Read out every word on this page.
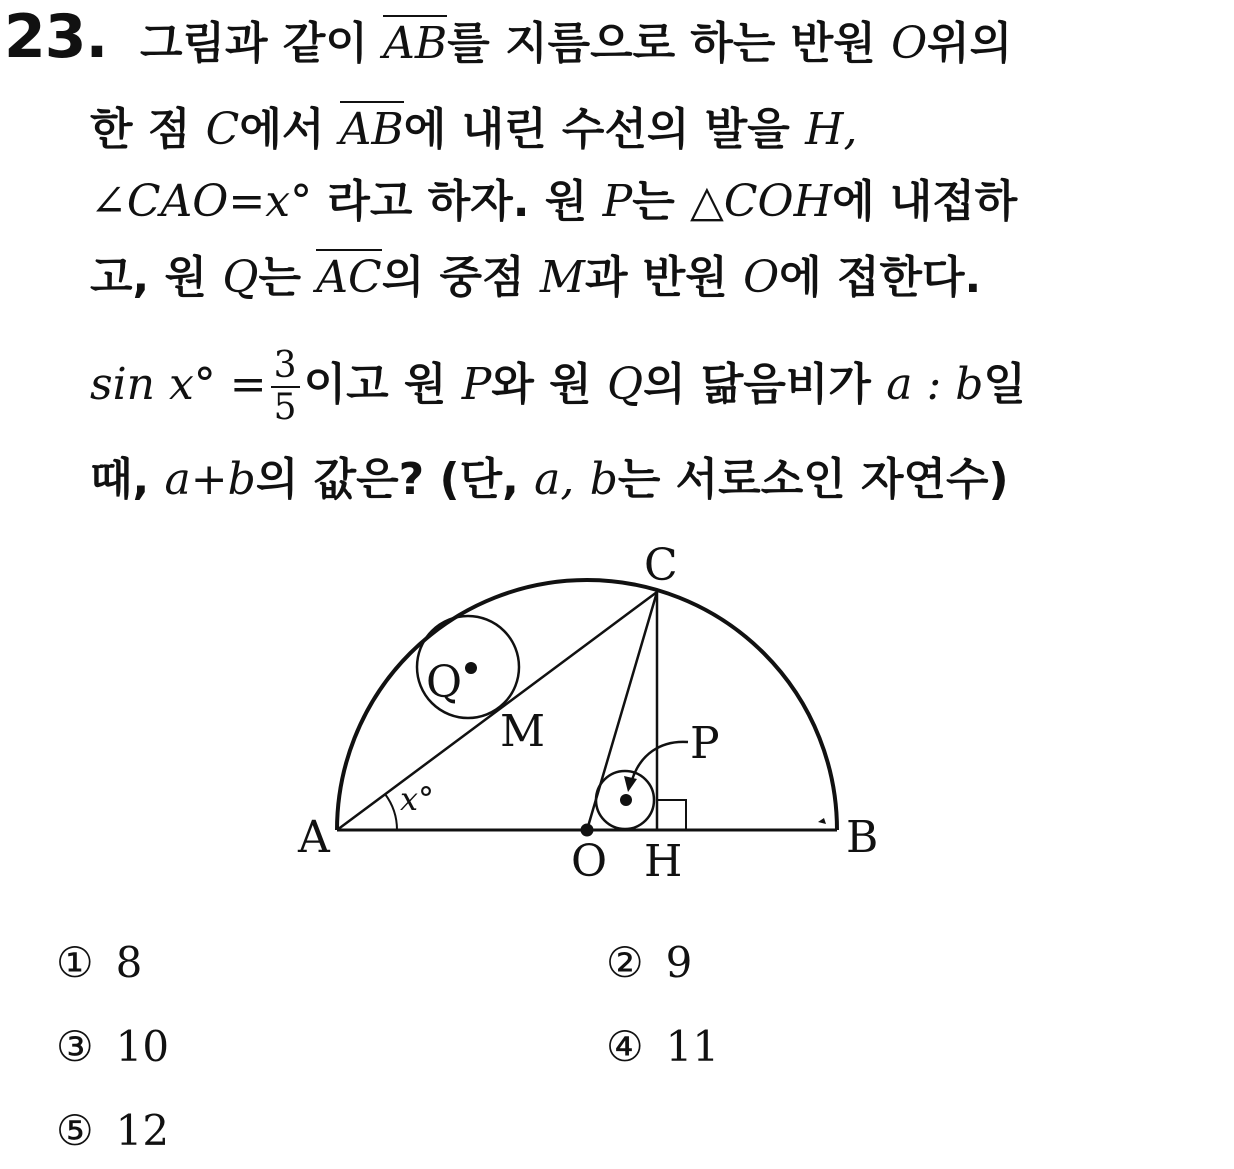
23. 그림과 같이 AB를 지름으로 하는 반원 O위의
한 점 C에서 AB에 내린 수선의 발을 H,
∠CAO=x° 라고 하자. 원 P는 △COH에 내접하
고, 원 Q는 AC의 중점 M과 반원 O에 접한다.
$\sin x^\circ = \frac{3}{5}$ 이고 원 P와 원 Q의 닮음비가 a : b일
때, a+b의 값은? (단, a, b는 서로소인 자연수)
C
A	B
O H
M	P
Q
x°
① 8	② 9
③ 10	④ 11
⑤ 12
